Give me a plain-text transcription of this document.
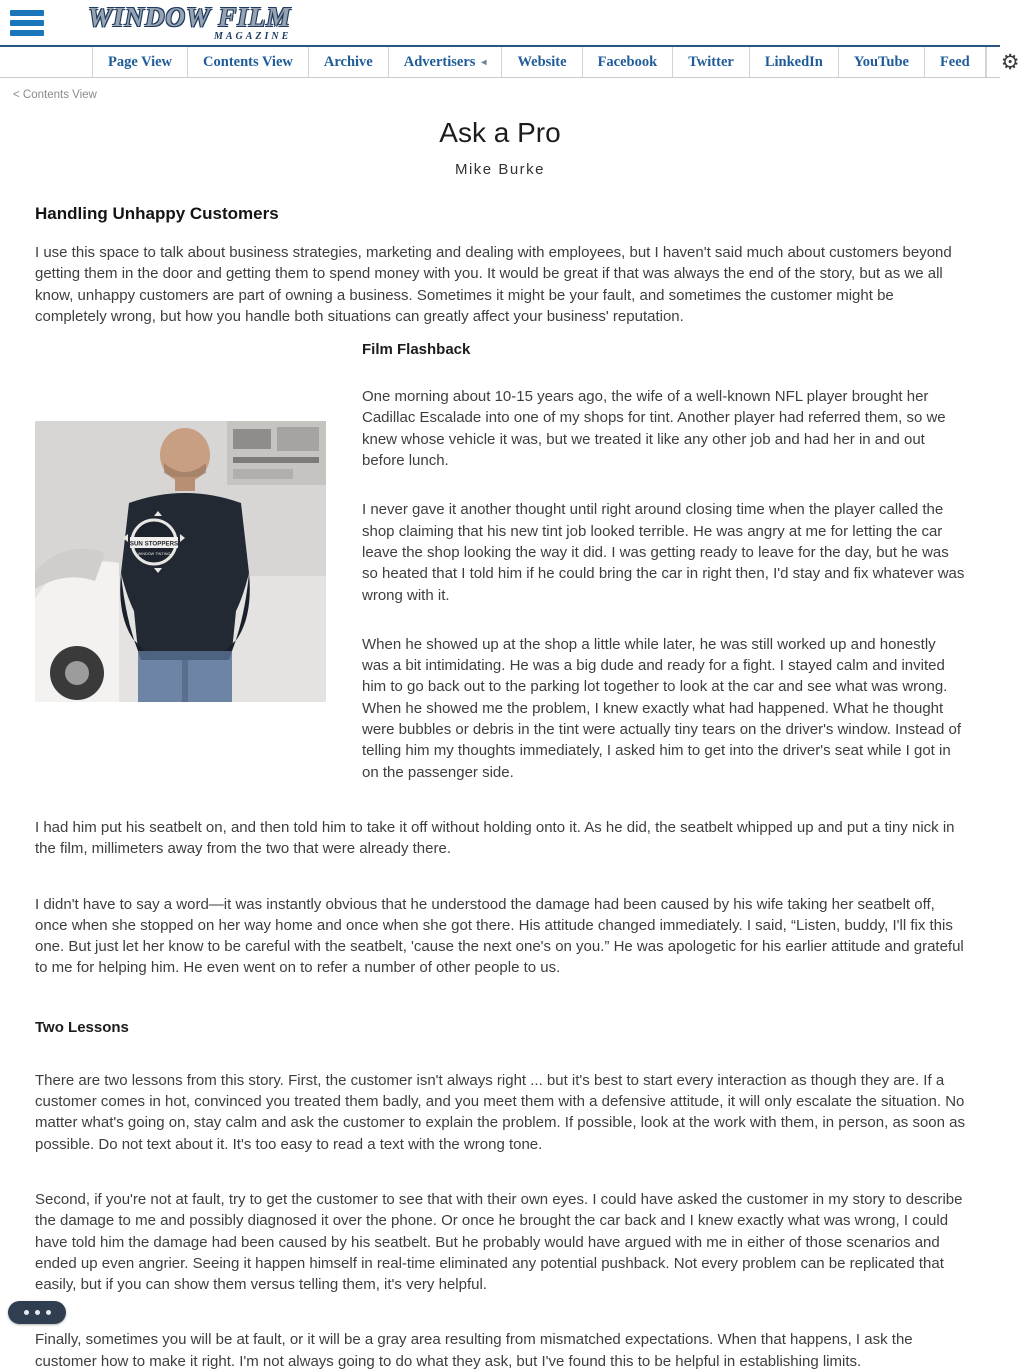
WINDOW FILM
MAGAZINE
Page View Contents View Archive Advertisers ◂ Website Facebook Twitter LinkedIn YouTube Feed	⚙
< Contents View
Ask a Pro
Mike Burke
Handling Unhappy Customers

I use this space to talk about business strategies, marketing and dealing with employees, but I haven't said much about customers beyond getting them in the door and getting them to spend money with you. It would be great if that was always the end of the story, but as we all know, unhappy customers are part of owning a business. Sometimes it might be your fault, and sometimes the customer might be completely wrong, but how you handle both situations can greatly affect your business' reputation.

SUN STOPPERS
WINDOW TINTING
Film Flashback

One morning about 10-15 years ago, the wife of a well-known NFL player brought her Cadillac Escalade into one of my shops for tint. Another player had referred them, so we knew whose vehicle it was, but we treated it like any other job and had her in and out before lunch.

I never gave it another thought until right around closing time when the player called the shop claiming that his new tint job looked terrible. He was angry at me for letting the car leave the shop looking the way it did. I was getting ready to leave for the day, but he was so heated that I told him if he could bring the car in right then, I'd stay and fix whatever was wrong with it.

When he showed up at the shop a little while later, he was still worked up and honestly was a bit intimidating. He was a big dude and ready for a fight. I stayed calm and invited him to go back out to the parking lot together to look at the car and see what was wrong. When he showed me the problem, I knew exactly what had happened. What he thought were bubbles or debris in the tint were actually tiny tears on the driver's window. Instead of telling him my thoughts immediately, I asked him to get into the driver's seat while I got in on the passenger side.

I had him put his seatbelt on, and then told him to take it off without holding onto it. As he did, the seatbelt whipped up and put a tiny nick in the film, millimeters away from the two that were already there.

I didn't have to say a word—it was instantly obvious that he understood the damage had been caused by his wife taking her seatbelt off, once when she stopped on her way home and once when she got there. His attitude changed immediately. I said, “Listen, buddy, I'll fix this one. But just let her know to be careful with the seatbelt, 'cause the next one's on you.” He was apologetic for his earlier attitude and grateful to me for helping him. He even went on to refer a number of other people to us.

Two Lessons

There are two lessons from this story. First, the customer isn't always right ... but it's best to start every interaction as though they are. If a customer comes in hot, convinced you treated them badly, and you meet them with a defensive attitude, it will only escalate the situation. No matter what's going on, stay calm and ask the customer to explain the problem. If possible, look at the work with them, in person, as soon as possible. Do not text about it. It's too easy to read a text with the wrong tone.

Second, if you're not at fault, try to get the customer to see that with their own eyes. I could have asked the customer in my story to describe the damage to me and possibly diagnosed it over the phone. Or once he brought the car back and I knew exactly what was wrong, I could have told him the damage had been caused by his seatbelt. But he probably would have argued with me in either of those scenarios and ended up even angrier. Seeing it happen himself in real-time eliminated any potential pushback. Not every problem can be replicated that easily, but if you can show them versus telling them, it's very helpful.

Finally, sometimes you will be at fault, or it will be a gray area resulting from mismatched expectations. When that happens, I ask the customer how to make it right. I'm not always going to do what they ask, but I've found this to be helpful in establishing limits.
